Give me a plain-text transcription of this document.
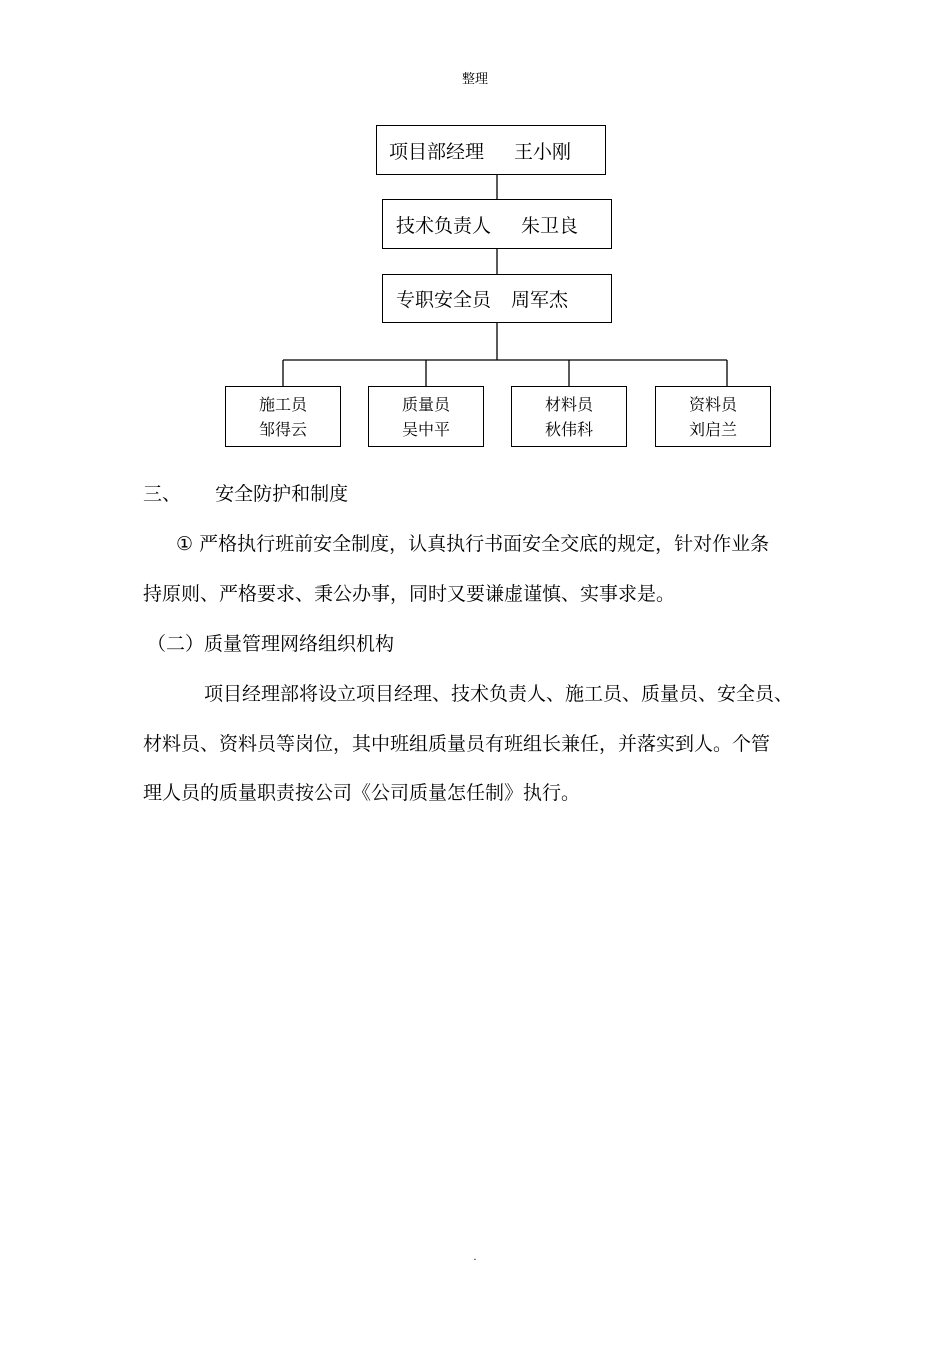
整理
项目部经理 王小刚
技术负责人 朱卫良
专职安全员 周军杰
施工员
邹得云
质量员
吴中平
材料员
秋伟科
资料员
刘启兰
三、 安全防护和制度
① 严格执行班前安全制度，认真执行书面安全交底的规定，针对作业条
持原则、严格要求、秉公办事，同时又要谦虚谨慎、实事求是。
（二）质量管理网络组织机构
项目经理部将设立项目经理、技术负责人、施工员、质量员、安全员、
材料员、资料员等岗位，其中班组质量员有班组长兼任，并落实到人。个管
理人员的质量职责按公司《公司质量怎任制》执行。
.
